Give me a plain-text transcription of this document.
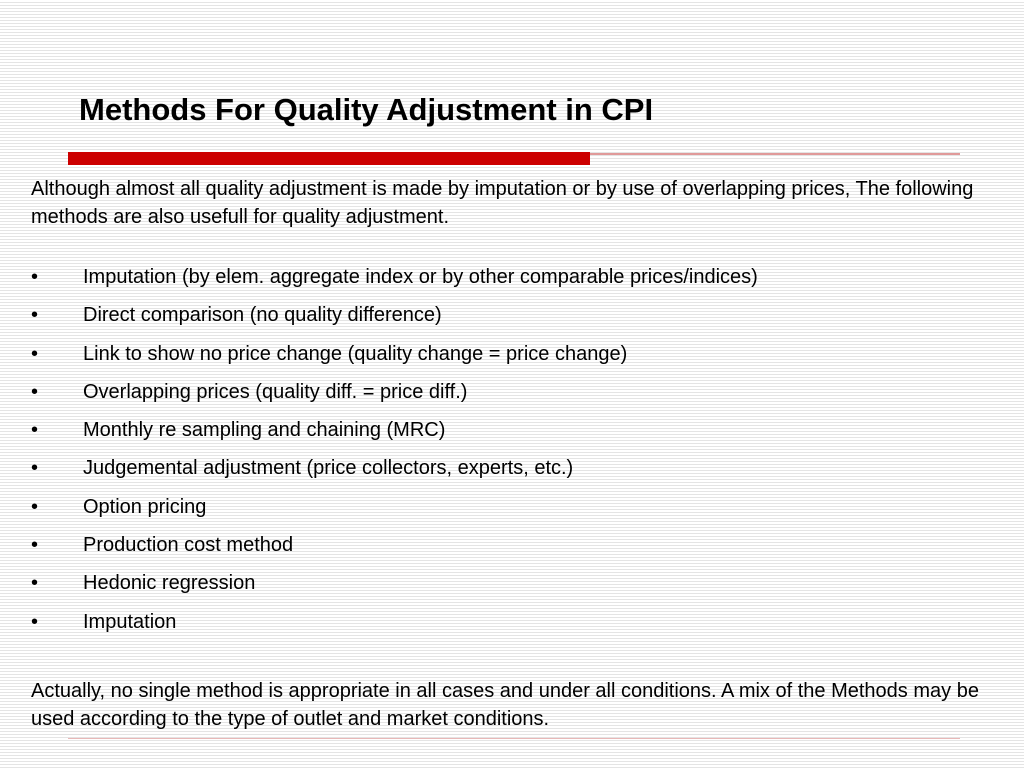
Methods For Quality Adjustment in CPI

Although almost all quality adjustment is made by imputation or by use of overlapping prices, The following methods are also usefull for quality adjustment.

•	Imputation (by elem. aggregate index or by other comparable prices/indices)
•	Direct comparison (no quality difference)
•	Link to show no price change (quality change = price change)
•	Overlapping prices (quality diff. = price diff.)
•	Monthly re sampling and chaining (MRC)
•	Judgemental adjustment (price collectors, experts, etc.)
•	Option pricing
•	Production cost method
•	Hedonic regression
•	Imputation

Actually, no single method is appropriate in all cases and under all conditions. A mix of the Methods may be used according to the type of outlet and market conditions.
